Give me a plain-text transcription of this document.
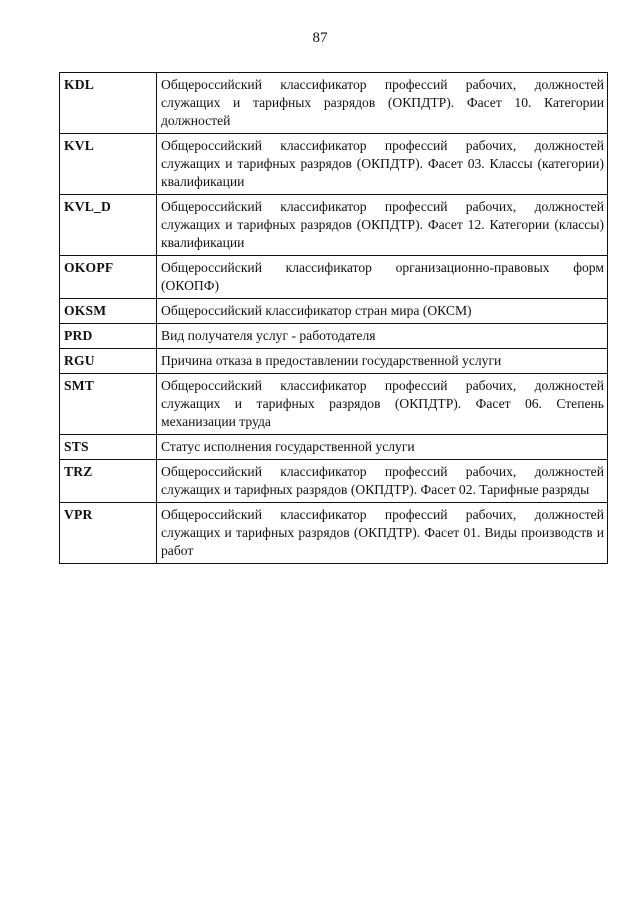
87
KDL	Общероссийский классификатор профессий рабочих, должностей служащих и тарифных разрядов (ОКПДТР). Фасет 10. Категории должностей
KVL	Общероссийский классификатор профессий рабочих, должностей служащих и тарифных разрядов (ОКПДТР). Фасет 03. Классы (категории) квалификации
KVL_D	Общероссийский классификатор профессий рабочих, должностей служащих и тарифных разрядов (ОКПДТР). Фасет 12. Категории (классы) квалификации
OKOPF	Общероссийский классификатор организационно-правовых форм (ОКОПФ)
OKSM	Общероссийский классификатор стран мира (ОКСМ)
PRD	Вид получателя услуг - работодателя
RGU	Причина отказа в предоставлении государственной услуги
SMT	Общероссийский классификатор профессий рабочих, должностей служащих и тарифных разрядов (ОКПДТР). Фасет 06. Степень механизации труда
STS	Статус исполнения государственной услуги
TRZ	Общероссийский классификатор профессий рабочих, должностей служащих и тарифных разрядов (ОКПДТР). Фасет 02. Тарифные разряды
VPR	Общероссийский классификатор профессий рабочих, должностей служащих и тарифных разрядов (ОКПДТР). Фасет 01. Виды производств и работ
